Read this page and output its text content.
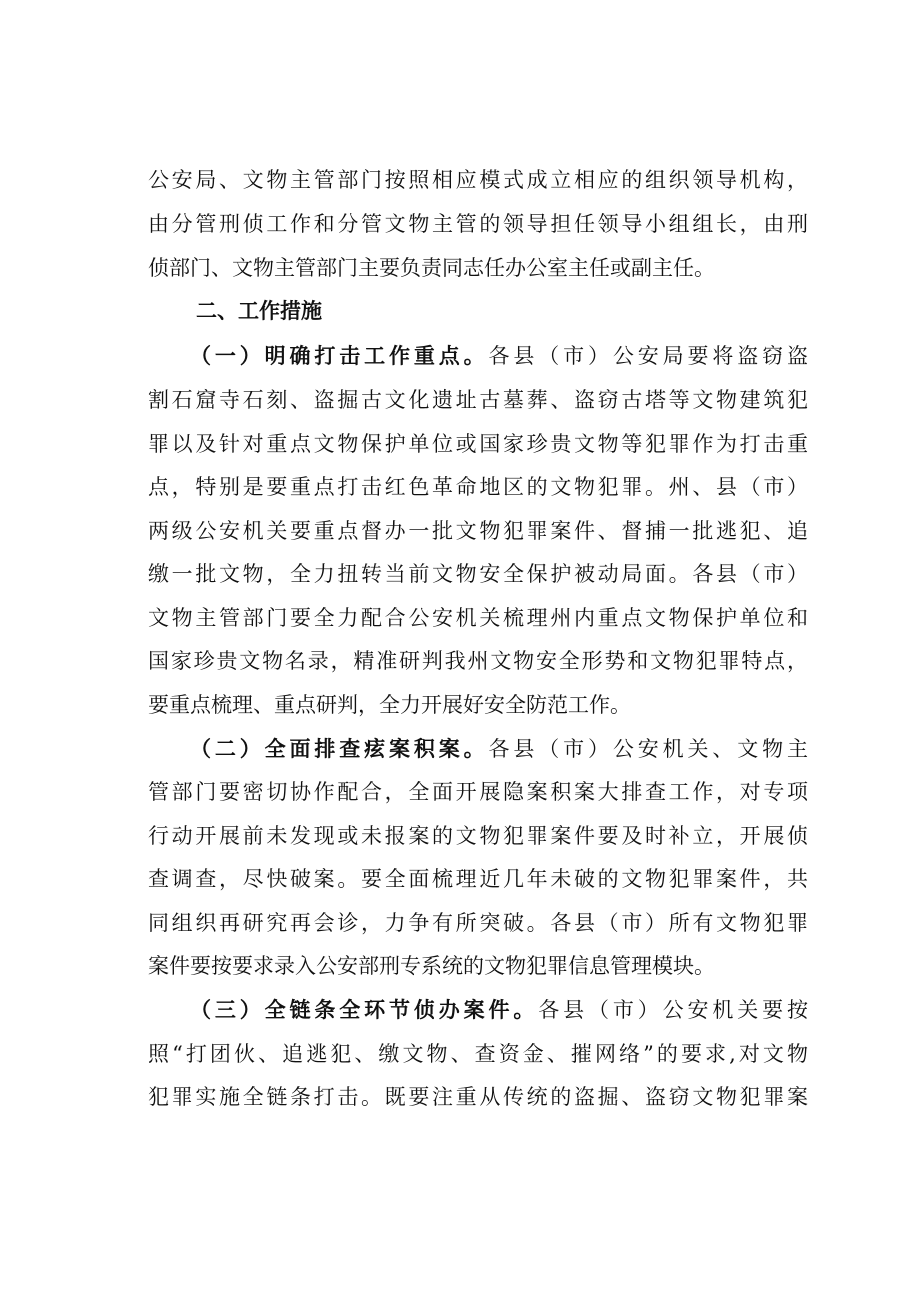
公安局、文物主管部门按照相应模式成立相应的组织领导机构，
由分管刑侦工作和分管文物主管的领导担任领导小组组长，由刑
侦部门、文物主管部门主要负责同志任办公室主任或副主任。
二、工作措施
（一）明确打击工作重点。各县（市）公安局要将盗窃盗
割石窟寺石刻、盗掘古文化遗址古墓葬、盗窃古塔等文物建筑犯
罪以及针对重点文物保护单位或国家珍贵文物等犯罪作为打击重
点，特别是要重点打击红色革命地区的文物犯罪。州、县（市）
两级公安机关要重点督办一批文物犯罪案件、督捕一批逃犯、追
缴一批文物，全力扭转当前文物安全保护被动局面。各县（市）
文物主管部门要全力配合公安机关梳理州内重点文物保护单位和
国家珍贵文物名录，精准研判我州文物安全形势和文物犯罪特点，
要重点梳理、重点研判，全力开展好安全防范工作。
（二）全面排查痃案积案。各县（市）公安机关、文物主
管部门要密切协作配合，全面开展隐案积案大排查工作，对专项
行动开展前未发现或未报案的文物犯罪案件要及时补立，开展侦
查调查，尽快破案。要全面梳理近几年未破的文物犯罪案件，共
同组织再研究再会诊，力争有所突破。各县（市）所有文物犯罪
案件要按要求录入公安部刑专系统的文物犯罪信息管理模块。
（三）全链条全环节侦办案件。各县（市）公安机关要按
照“打团伙、追逃犯、缴文物、查资金、摧网络”的要求,对文物
犯罪实施全链条打击。既要注重从传统的盗掘、盗窃文物犯罪案
